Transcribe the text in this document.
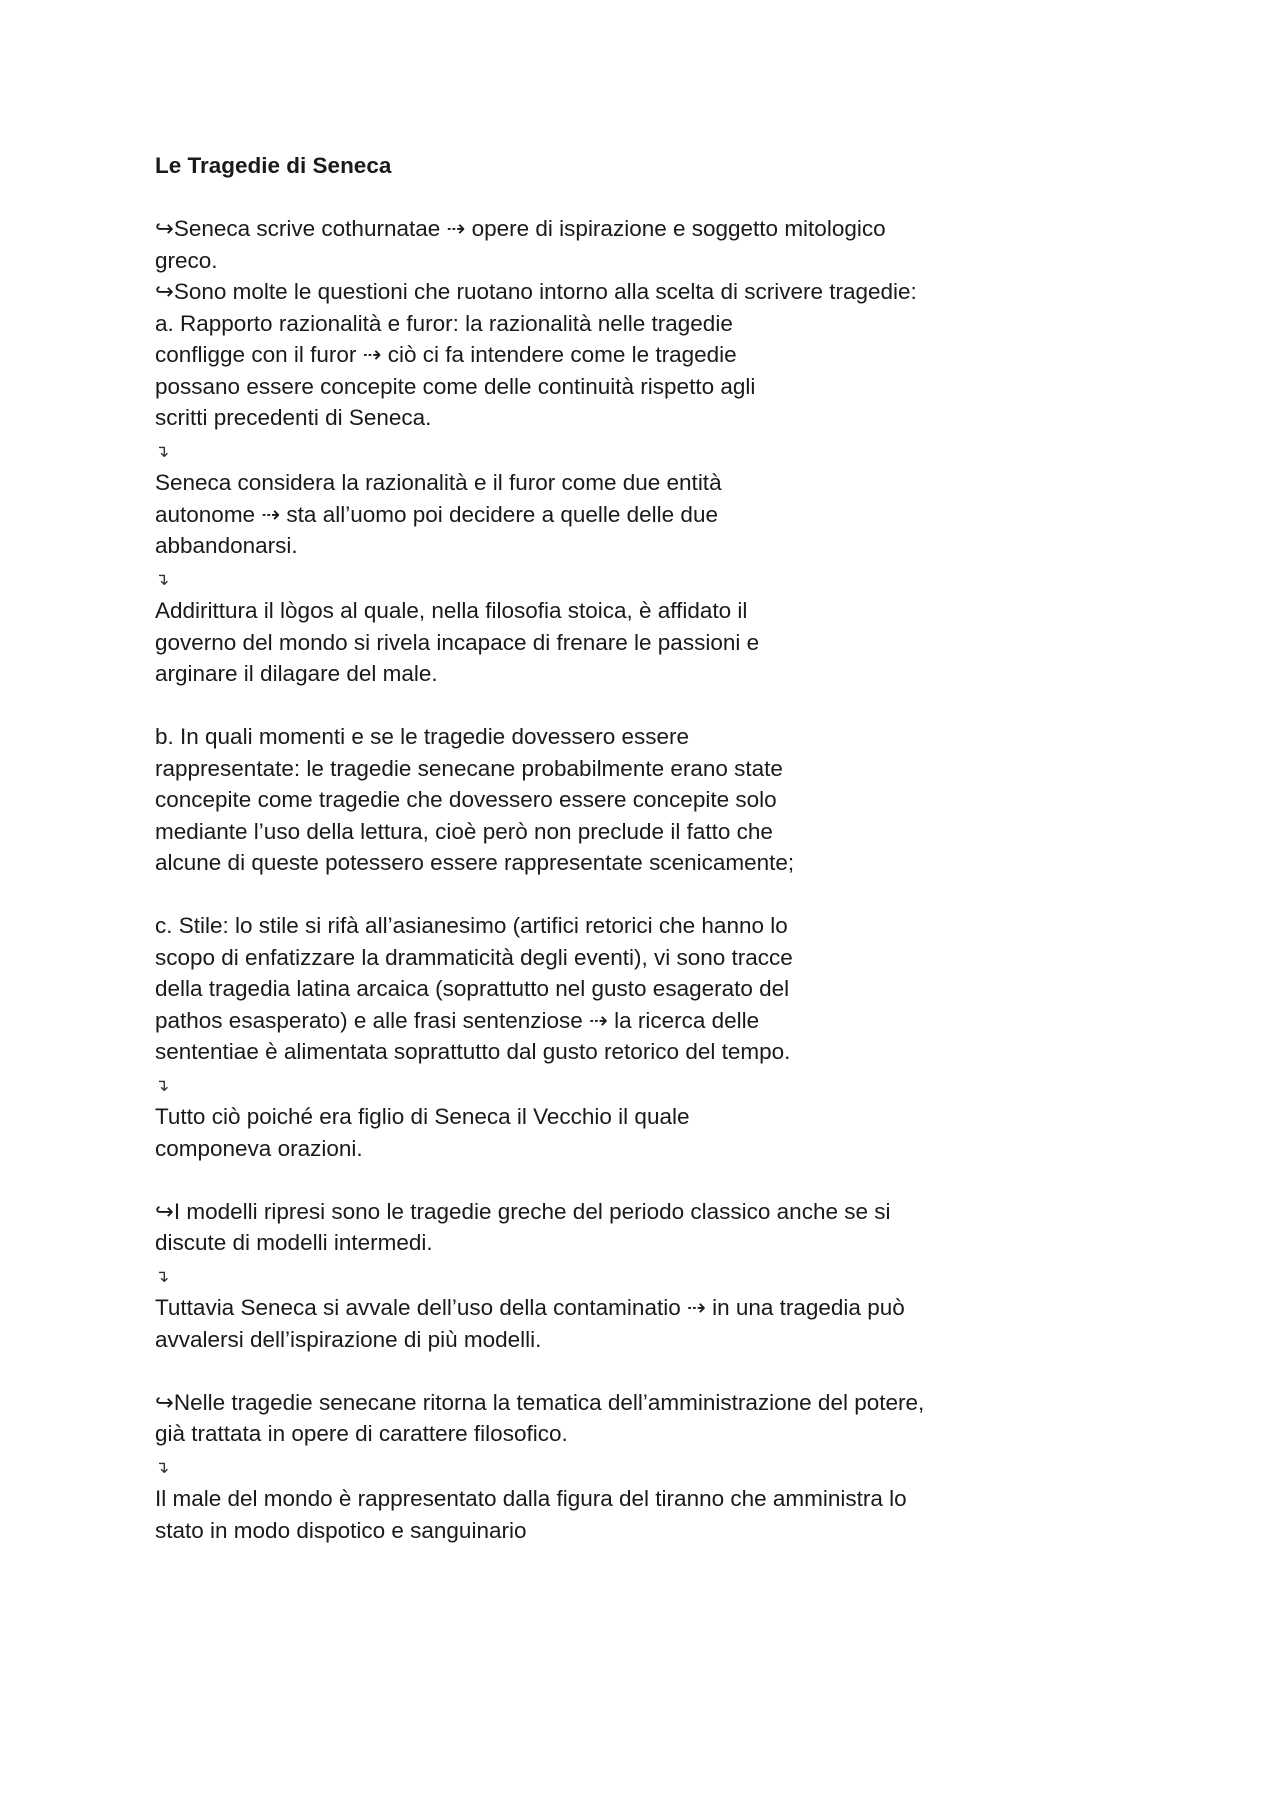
Le Tragedie di Seneca
↪Seneca scrive cothurnatae ⇢ opere di ispirazione e soggetto mitologico
greco.
↪Sono molte le questioni che ruotano intorno alla scelta di scrivere tragedie:
a. Rapporto razionalità e furor: la razionalità nelle tragedie
confligge con il furor ⇢ ciò ci fa intendere come le tragedie
possano essere concepite come delle continuità rispetto agli
scritti precedenti di Seneca.
↴
Seneca considera la razionalità e il furor come due entità
autonome ⇢ sta all’uomo poi decidere a quelle delle due
abbandonarsi.
↴
Addirittura il lògos al quale, nella filosofia stoica, è affidato il
governo del mondo si rivela incapace di frenare le passioni e
arginare il dilagare del male.
b. In quali momenti e se le tragedie dovessero essere
rappresentate: le tragedie senecane probabilmente erano state
concepite come tragedie che dovessero essere concepite solo
mediante l’uso della lettura, cioè però non preclude il fatto che
alcune di queste potessero essere rappresentate scenicamente;
c. Stile: lo stile si rifà all’asianesimo (artifici retorici che hanno lo
scopo di enfatizzare la drammaticità degli eventi), vi sono tracce
della tragedia latina arcaica (soprattutto nel gusto esagerato del
pathos esasperato) e alle frasi sentenziose ⇢ la ricerca delle
sententiae è alimentata soprattutto dal gusto retorico del tempo.
↴
Tutto ciò poiché era figlio di Seneca il Vecchio il quale
componeva orazioni.
↪I modelli ripresi sono le tragedie greche del periodo classico anche se si
discute di modelli intermedi.
↴
Tuttavia Seneca si avvale dell’uso della contaminatio ⇢ in una tragedia può
avvalersi dell’ispirazione di più modelli.
↪Nelle tragedie senecane ritorna la tematica dell’amministrazione del potere,
già trattata in opere di carattere filosofico.
↴
Il male del mondo è rappresentato dalla figura del tiranno che amministra lo
stato in modo dispotico e sanguinario
